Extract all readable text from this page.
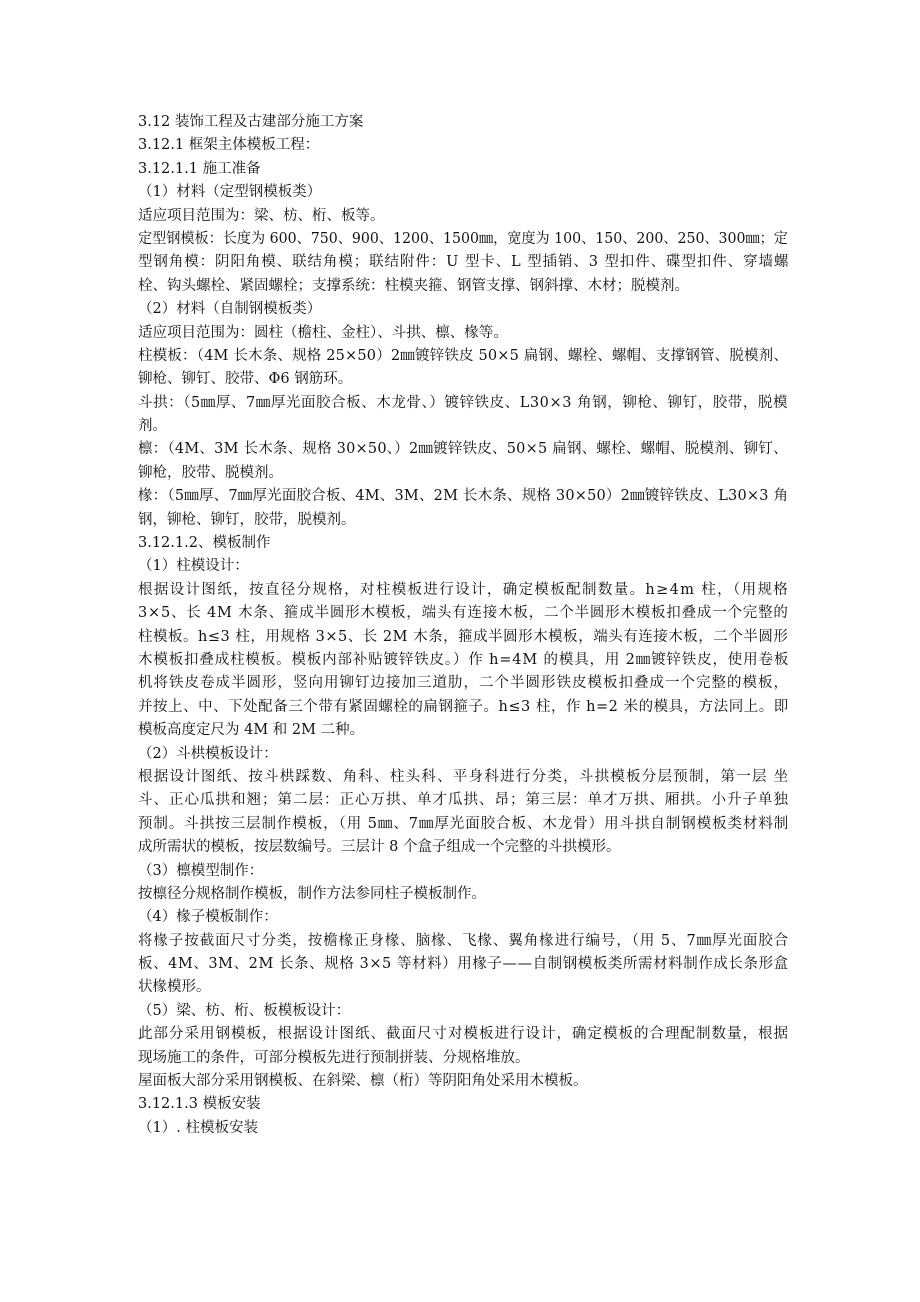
3.12 装饰工程及古建部分施工方案
3.12.1 框架主体模板工程：
3.12.1.1 施工准备
（1）材料（定型钢模板类）
适应项目范围为：梁、枋、桁、板等。
定型钢模板：长度为 600、750、900、1200、1500㎜，宽度为 100、150、200、250、300㎜；定
型钢角模：阴阳角模、联结角模；联结附件：U 型卡、L 型插销、3 型扣件、碟型扣件、穿墙螺
栓、钩头螺栓、紧固螺栓；支撑系统：柱模夹箍、钢管支撑、钢斜撑、木材；脱模剂。
（2）材料（自制钢模板类）
适应项目范围为：圆柱（檐柱、金柱）、斗拱、檩、椽等。
柱模板：（4M 长木条、规格 25×50）2㎜镀锌铁皮 50×5 扁钢、螺栓、螺帽、支撑钢管、脱模剂、
铆枪、铆钉、胶带、Φ6 钢筋环。
斗拱：（5㎜厚、7㎜厚光面胶合板、木龙骨、）镀锌铁皮、L30×3 角钢，铆枪、铆钉，胶带，脱模
剂。
檩：（4M、3M 长木条、规格 30×50、）2㎜镀锌铁皮、50×5 扁钢、螺栓、螺帽、脱模剂、铆钉、
铆枪，胶带、脱模剂。
椽：（5㎜厚、7㎜厚光面胶合板、4M、3M、2M 长木条、规格 30×50）2㎜镀锌铁皮、L30×3 角
钢，铆枪、铆钉，胶带，脱模剂。
3.12.1.2、模板制作
（1）柱模设计：
根据设计图纸，按直径分规格，对柱模板进行设计，确定模板配制数量。h≥4m 柱，（用规格
3×5、长 4M 木条、箍成半圆形木模板，端头有连接木板，二个半圆形木模板扣叠成一个完整的
柱模板。h≤3 柱，用规格 3×5、长 2M 木条，箍成半圆形木模板，端头有连接木板，二个半圆形
木模板扣叠成柱模板。模板内部补贴镀锌铁皮。）作 h=4M 的模具，用 2㎜镀锌铁皮，使用卷板
机将铁皮卷成半圆形，竖向用铆钉边接加三道肋，二个半圆形铁皮模板扣叠成一个完整的模板，
并按上、中、下处配备三个带有紧固螺栓的扁钢箍子。h≤3 柱，作 h=2 米的模具，方法同上。即
模板高度定尺为 4M 和 2M 二种。
（2）斗栱模板设计：
根据设计图纸、按斗栱踩数、角科、柱头科、平身科进行分类，斗拱模板分层预制，第一层 坐
斗、正心瓜拱和翘；第二层：正心万拱、单才瓜拱、昂；第三层：单才万拱、厢拱。小升子单独
预制。斗拱按三层制作模板，（用 5㎜、7㎜厚光面胶合板、木龙骨）用斗拱自制钢模板类材料制
成所需状的模板，按层数编号。三层计 8 个盒子组成一个完整的斗拱模形。
（3）檩模型制作：
按檩径分规格制作模板，制作方法参同柱子模板制作。
（4）椽子模板制作：
将椽子按截面尺寸分类，按檐椽正身椽、脑椽、飞椽、翼角椽进行编号，（用 5、7㎜厚光面胶合
板、4M、3M、2M 长条、规格 3×5 等材料）用椽子——自制钢模板类所需材料制作成长条形盒
状椽模形。
（5）梁、枋、桁、板模板设计：
此部分采用钢模板，根据设计图纸、截面尺寸对模板进行设计，确定模板的合理配制数量，根据
现场施工的条件，可部分模板先进行预制拼装、分规格堆放。
屋面板大部分采用钢模板、在斜梁、檩（桁）等阴阳角处采用木模板。
3.12.1.3 模板安装
（1）. 柱模板安装
